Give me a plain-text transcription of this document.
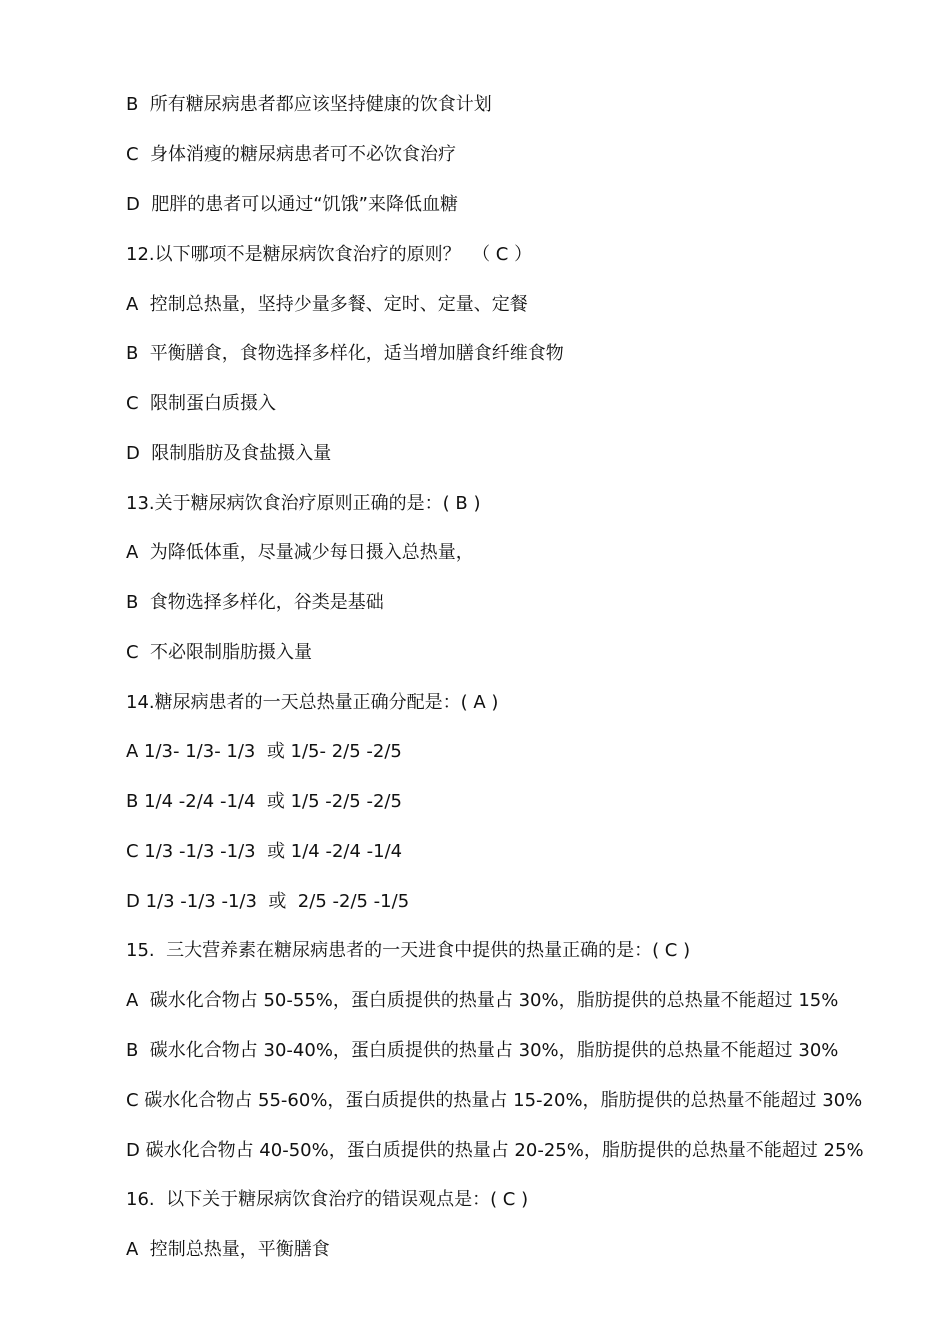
B  所有糖尿病患者都应该坚持健康的饮食计划
C  身体消瘦的糖尿病患者可不必饮食治疗
D  肥胖的患者可以通过“饥饿”来降低血糖
12.以下哪项不是糖尿病饮食治疗的原则？  （ C ）
A  控制总热量，坚持少量多餐、定时、定量、定餐
B  平衡膳食，食物选择多样化，适当增加膳食纤维食物
C  限制蛋白质摄入
D  限制脂肪及食盐摄入量
13.关于糖尿病饮食治疗原则正确的是：( B )
A  为降低体重，尽量减少每日摄入总热量，
B  食物选择多样化，谷类是基础
C  不必限制脂肪摄入量
14.糖尿病患者的一天总热量正确分配是：( A )
A 1/3- 1/3- 1/3  或 1/5- 2/5 -2/5
B 1/4 -2/4 -1/4  或 1/5 -2/5 -2/5
C 1/3 -1/3 -1/3  或 1/4 -2/4 -1/4
D 1/3 -1/3 -1/3  或  2/5 -2/5 -1/5
15.  三大营养素在糖尿病患者的一天进食中提供的热量正确的是：( C )
A  碳水化合物占 50-55%，蛋白质提供的热量占 30%，脂肪提供的总热量不能超过 15%
B  碳水化合物占 30-40%，蛋白质提供的热量占 30%，脂肪提供的总热量不能超过 30%
C 碳水化合物占 55-60%，蛋白质提供的热量占 15-20%，脂肪提供的总热量不能超过 30%
D 碳水化合物占 40-50%，蛋白质提供的热量占 20-25%，脂肪提供的总热量不能超过 25%
16.  以下关于糖尿病饮食治疗的错误观点是：( C )
A  控制总热量，平衡膳食
